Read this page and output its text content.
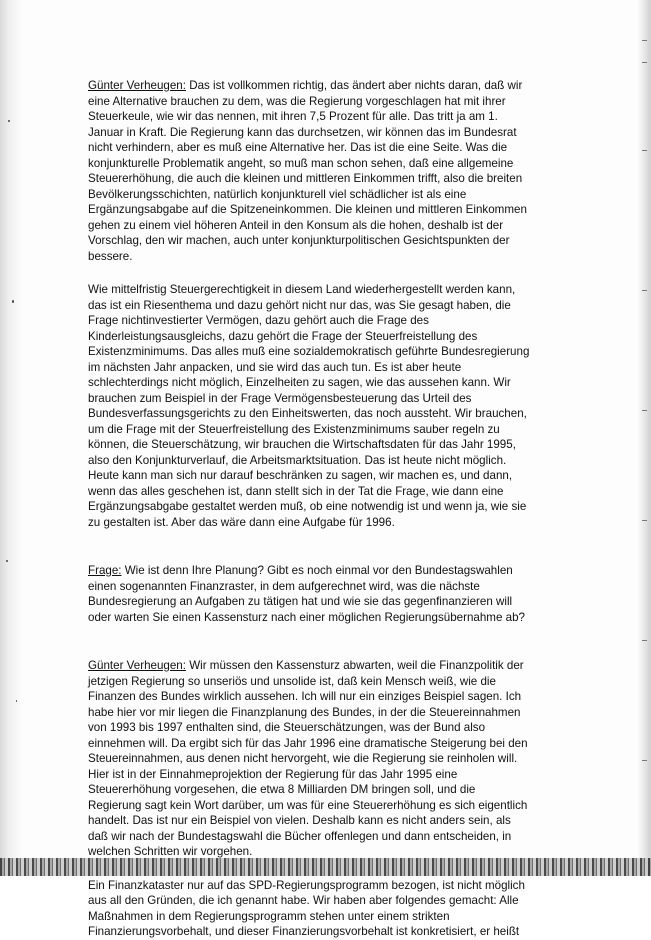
Günter Verheugen: Das ist vollkommen richtig, das ändert aber nichts daran, daß wir
eine Alternative brauchen zu dem, was die Regierung vorgeschlagen hat mit ihrer
Steuerkeule, wie wir das nennen, mit ihren 7,5 Prozent für alle. Das tritt ja am 1.
Januar in Kraft. Die Regierung kann das durchsetzen, wir können das im Bundesrat
nicht verhindern, aber es muß eine Alternative her. Das ist die eine Seite. Was die
konjunkturelle Problematik angeht, so muß man schon sehen, daß eine allgemeine
Steuererhöhung, die auch die kleinen und mittleren Einkommen trifft, also die breiten
Bevölkerungsschichten, natürlich konjunkturell viel schädlicher ist als eine
Ergänzungsabgabe auf die Spitzeneinkommen. Die kleinen und mittleren Einkommen
gehen zu einem viel höheren Anteil in den Konsum als die hohen, deshalb ist der
Vorschlag, den wir machen, auch unter konjunkturpolitischen Gesichtspunkten der
bessere.

Wie mittelfristig Steuergerechtigkeit in diesem Land wiederhergestellt werden kann,
das ist ein Riesenthema und dazu gehört nicht nur das, was Sie gesagt haben, die
Frage nichtinvestierter Vermögen, dazu gehört auch die Frage des
Kinderleistungsausgleichs, dazu gehört die Frage der Steuerfreistellung des
Existenzminimums. Das alles muß eine sozialdemokratisch geführte Bundesregierung
im nächsten Jahr anpacken, und sie wird das auch tun. Es ist aber heute
schlechterdings nicht möglich, Einzelheiten zu sagen, wie das aussehen kann. Wir
brauchen zum Beispiel in der Frage Vermögensbesteuerung das Urteil des
Bundesverfassungsgerichts zu den Einheitswerten, das noch aussteht. Wir brauchen,
um die Frage mit der Steuerfreistellung des Existenzminimums sauber regeln zu
können, die Steuerschätzung, wir brauchen die Wirtschaftsdaten für das Jahr 1995,
also den Konjunkturverlauf, die Arbeitsmarktsituation. Das ist heute nicht möglich.
Heute kann man sich nur darauf beschränken zu sagen, wir machen es, und dann,
wenn das alles geschehen ist, dann stellt sich in der Tat die Frage, wie dann eine
Ergänzungsabgabe gestaltet werden muß, ob eine notwendig ist und wenn ja, wie sie
zu gestalten ist. Aber das wäre dann eine Aufgabe für 1996.

Frage: Wie ist denn Ihre Planung? Gibt es noch einmal vor den Bundestagswahlen
einen sogenannten Finanzraster, in dem aufgerechnet wird, was die nächste
Bundesregierung an Aufgaben zu tätigen hat und wie sie das gegenfinanzieren will
oder warten Sie einen Kassensturz nach einer möglichen Regierungsübernahme ab?

Günter Verheugen: Wir müssen den Kassensturz abwarten, weil die Finanzpolitik der
jetzigen Regierung so unseriös und unsolide ist, daß kein Mensch weiß, wie die
Finanzen des Bundes wirklich aussehen. Ich will nur ein einziges Beispiel sagen. Ich
habe hier vor mir liegen die Finanzplanung des Bundes, in der die Steuereinnahmen
von 1993 bis 1997 enthalten sind, die Steuerschätzungen, was der Bund also
einnehmen will. Da ergibt sich für das Jahr 1996 eine dramatische Steigerung bei den
Steuereinnahmen, aus denen nicht hervorgeht, wie die Regierung sie reinholen will.
Hier ist in der Einnahmeprojektion der Regierung für das Jahr 1995 eine
Steuererhöhung vorgesehen, die etwa 8 Milliarden DM bringen soll, und die
Regierung sagt kein Wort darüber, um was für eine Steuererhöhung es sich eigentlich
handelt. Das ist nur ein Beispiel von vielen. Deshalb kann es nicht anders sein, als
daß wir nach der Bundestagswahl die Bücher offenlegen und dann entscheiden, in
welchen Schritten wir vorgehen.

Ein Finanzkataster nur auf das SPD-Regierungsprogramm bezogen, ist nicht möglich
aus all den Gründen, die ich genannt habe. Wir haben aber folgendes gemacht: Alle
Maßnahmen in dem Regierungsprogramm stehen unter einem strikten
Finanzierungsvorbehalt, und dieser Finanzierungsvorbehalt ist konkretisiert, er heißt
